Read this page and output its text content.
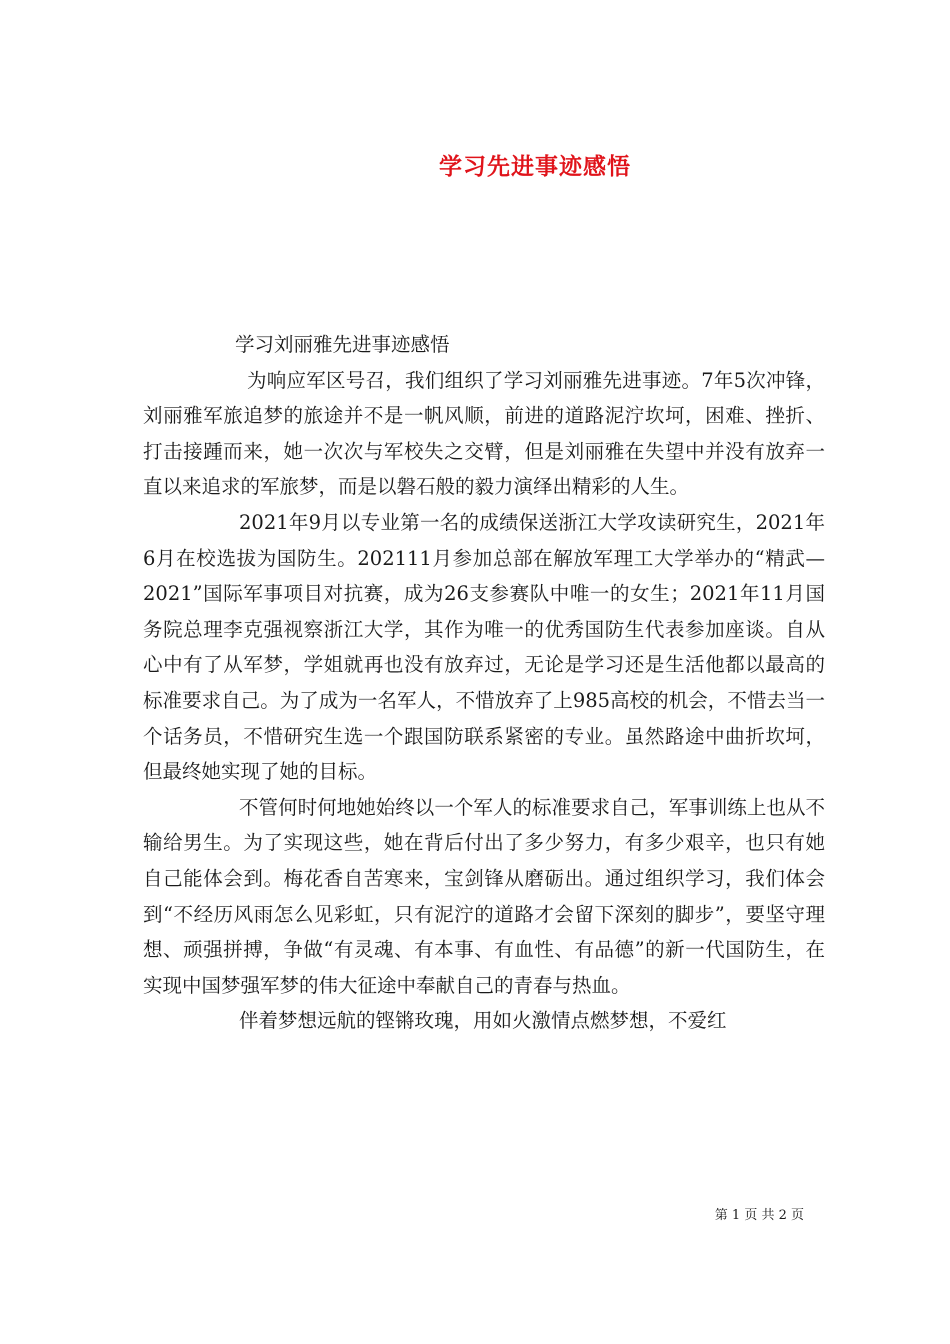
学习先进事迹感悟

学习刘丽雅先进事迹感悟

为响应军区号召，我们组织了学习刘丽雅先进事迹。7年5次冲锋，刘丽雅军旅追梦的旅途并不是一帆风顺，前进的道路泥泞坎坷，困难、挫折、打击接踵而来，她一次次与军校失之交臂，但是刘丽雅在失望中并没有放弃一直以来追求的军旅梦，而是以磐石般的毅力演绎出精彩的人生。

2021年9月以专业第一名的成绩保送浙江大学攻读研究生，2021年6月在校选拔为国防生。202111月参加总部在解放军理工大学举办的“精武—2021”国际军事项目对抗赛，成为26支参赛队中唯一的女生；2021年11月国务院总理李克强视察浙江大学，其作为唯一的优秀国防生代表参加座谈。自从心中有了从军梦，学姐就再也没有放弃过，无论是学习还是生活他都以最高的标准要求自己。为了成为一名军人，不惜放弃了上985高校的机会，不惜去当一个话务员，不惜研究生选一个跟国防联系紧密的专业。虽然路途中曲折坎坷，但最终她实现了她的目标。

不管何时何地她始终以一个军人的标准要求自己，军事训练上也从不输给男生。为了实现这些，她在背后付出了多少努力，有多少艰辛，也只有她自己能体会到。梅花香自苦寒来，宝剑锋从磨砺出。通过组织学习，我们体会到“不经历风雨怎么见彩虹，只有泥泞的道路才会留下深刻的脚步”，要坚守理想、顽强拼搏，争做“有灵魂、有本事、有血性、有品德”的新一代国防生，在实现中国梦强军梦的伟大征途中奉献自己的青春与热血。

伴着梦想远航的铿锵玫瑰，用如火激情点燃梦想，不爱红

第 1 页 共 2 页
